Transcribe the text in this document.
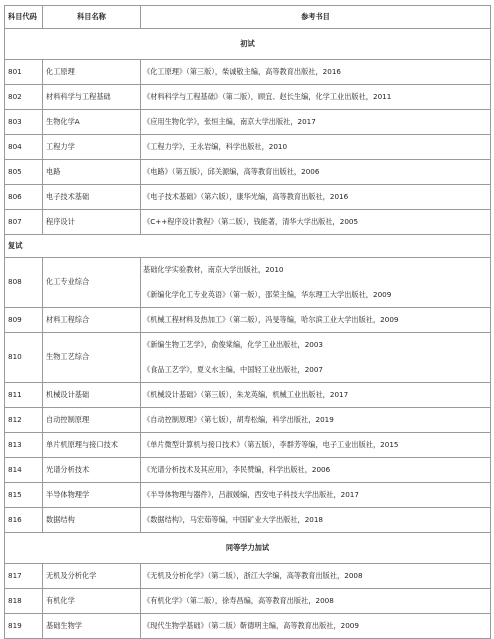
科目代码	科目名称	参考书目
初试		
801	化工原理	《化工原理》（第三版），柴诚敬主编，高等教育出版社，2016

802	材料科学与工程基础	《材料科学与工程基础》（第二版），顾宜、赵长生编，化学工业出版社，2011

803	生物化学A	《应用生物化学》，张恒主编，南京大学出版社，2017

804	工程力学	《工程力学》，王永岩编，科学出版社，2010

805	电路	《电路》（第五版），邱关源编，高等教育出版社，2006

806	电子技术基础	《电子技术基础》（第六版），康华光编，高等教育出版社，2016

807	程序设计	《C++程序设计教程》（第二版），钱能著，清华大学出版社，2005

复试		
808	化工专业综合	基础化学实验教材，南京大学出版社，2010
《新编化学化工专业英语》（第一版），邵荣主编，华东理工大学出版社，2009

809	材料工程综合	《机械工程材料及热加工》（第二版），冯旻等编，哈尔滨工业大学出版社，2009

810	生物工艺综合	《新编生物工艺学》，俞俊棠编，化学工业出版社，2003
《食品工艺学》，夏义水主编，中国轻工业出版社，2007

811	机械设计基础	《机械设计基础》（第三版），朱龙英编，机械工业出版社，2017

812	自动控制原理	《自动控制原理》（第七版），胡寿松编，科学出版社，2019

813	单片机原理与接口技术	《单片微型计算机与接口技术》（第五版），李群芳等编，电子工业出版社，2015

814	光谱分析技术	《光谱分析技术及其应用》，李民赞编，科学出版社，2006

815	半导体物理学	《半导体物理与器件》，吕淑媛编，西安电子科技大学出版社，2017

816	数据结构	《数据结构》，马宏茹等编，中国矿业大学出版社，2018

同等学力加试		
817	无机及分析化学	《无机及分析化学》（第二版），浙江大学编，高等教育出版社，2008

818	有机化学	《有机化学》（第二版），徐寿昌编，高等教育出版社，2008

819	基础生物学	《现代生物学基础》（第二版）靳德明主编，高等教育出版社，2009
